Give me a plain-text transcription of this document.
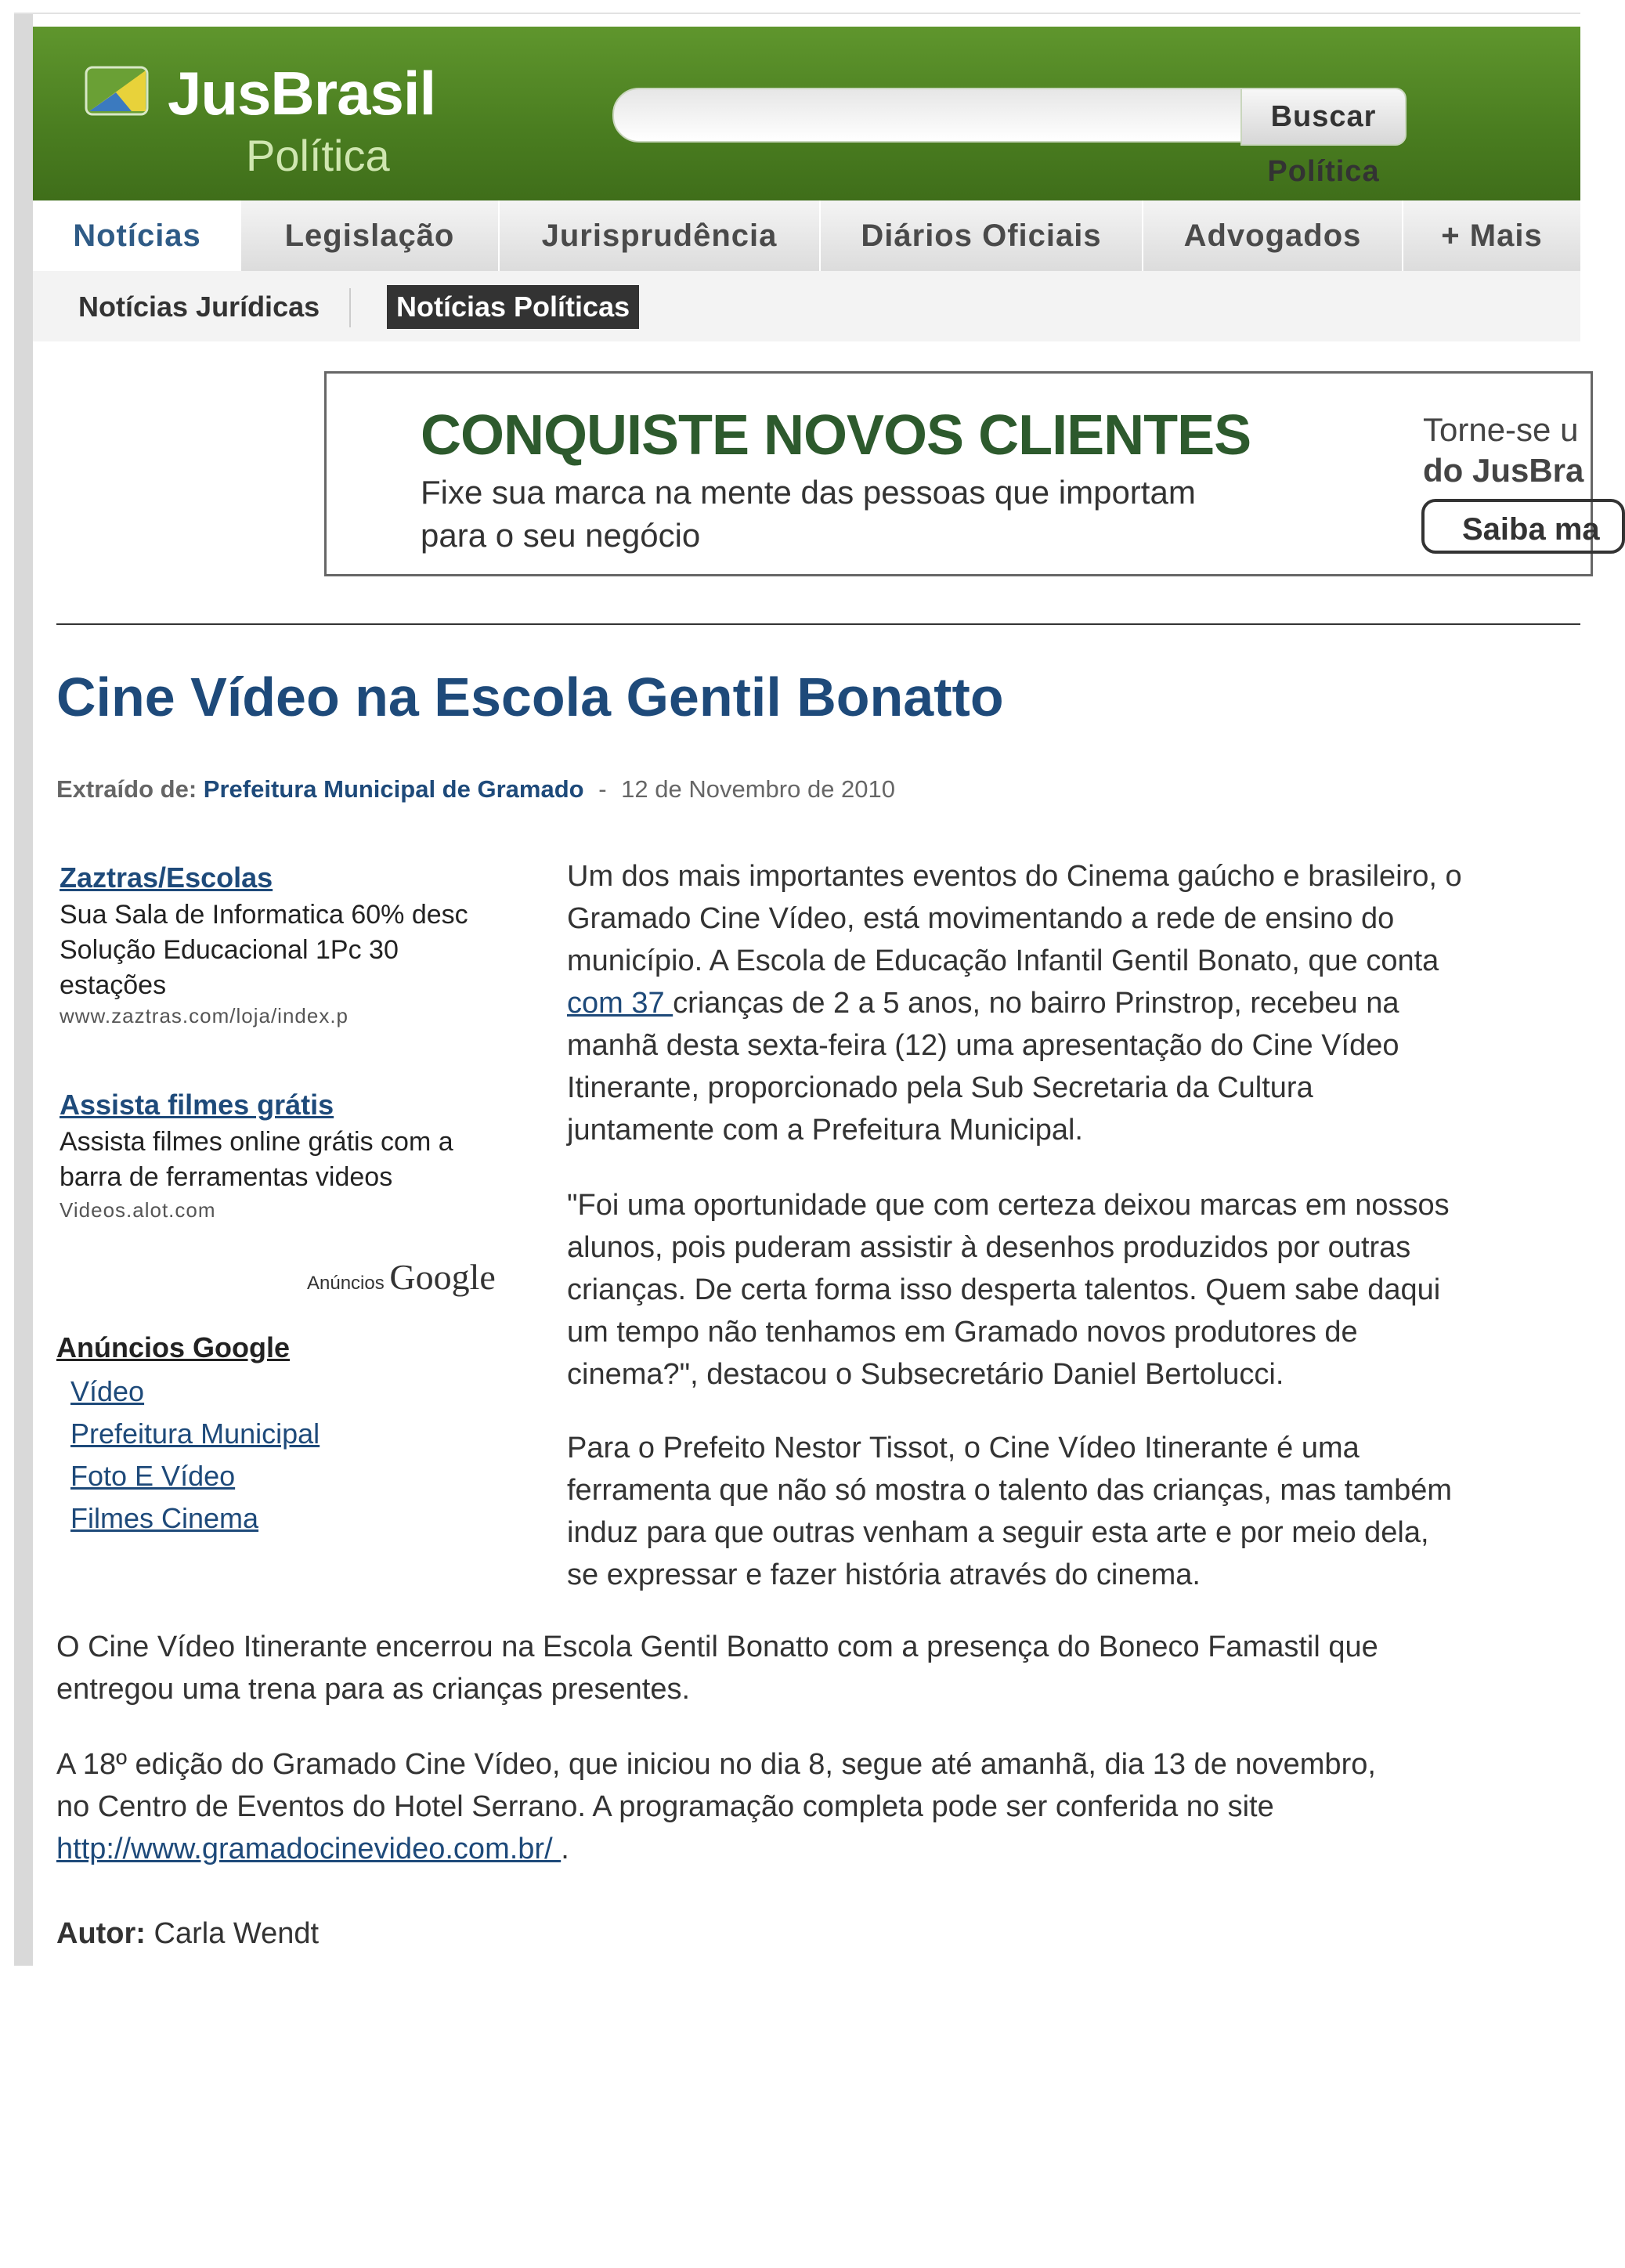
JusBrasil
Política
Buscar Política
Notícias	Legislação	Jurisprudência	Diários Oficiais	Advogados	+ Mais
Notícias Jurídicas	Notícias Políticas
CONQUISTE NOVOS CLIENTES
Fixe sua marca na mente das pessoas que importam
para o seu negócio
Torne-se u
do JusBra
Saiba ma
Cine Vídeo na Escola Gentil Bonatto
Extraído de: Prefeitura Municipal de Gramado - 12 de Novembro de 2010
Zaztras/Escolas
Sua Sala de Informatica 60% desc
Solução Educacional 1Pc 30
estações
www.zaztras.com/loja/index.p
Assista filmes grátis
Assista filmes online grátis com a
barra de ferramentas videos
Videos.alot.com
Anúncios Google
Anúncios Google
Vídeo
Prefeitura Municipal
Foto E Vídeo
Filmes Cinema
Um dos mais importantes eventos do Cinema gaúcho e brasileiro, o
Gramado Cine Vídeo, está movimentando a rede de ensino do
município. A Escola de Educação Infantil Gentil Bonato, que conta
com 37 crianças de 2 a 5 anos, no bairro Prinstrop, recebeu na
manhã desta sexta-feira (12) uma apresentação do Cine Vídeo
Itinerante, proporcionado pela Sub Secretaria da Cultura
juntamente com a Prefeitura Municipal.
"Foi uma oportunidade que com certeza deixou marcas em nossos
alunos, pois puderam assistir à desenhos produzidos por outras
crianças. De certa forma isso desperta talentos. Quem sabe daqui
um tempo não tenhamos em Gramado novos produtores de
cinema?", destacou o Subsecretário Daniel Bertolucci.
Para o Prefeito Nestor Tissot, o Cine Vídeo Itinerante é uma
ferramenta que não só mostra o talento das crianças, mas também
induz para que outras venham a seguir esta arte e por meio dela,
se expressar e fazer história através do cinema.
O Cine Vídeo Itinerante encerrou na Escola Gentil Bonatto com a presença do Boneco Famastil que
entregou uma trena para as crianças presentes.
A 18º edição do Gramado Cine Vídeo, que iniciou no dia 8, segue até amanhã, dia 13 de novembro,
no Centro de Eventos do Hotel Serrano. A programação completa pode ser conferida no site
http://www.gramadocinevideo.com.br/ .
Autor: Carla Wendt
